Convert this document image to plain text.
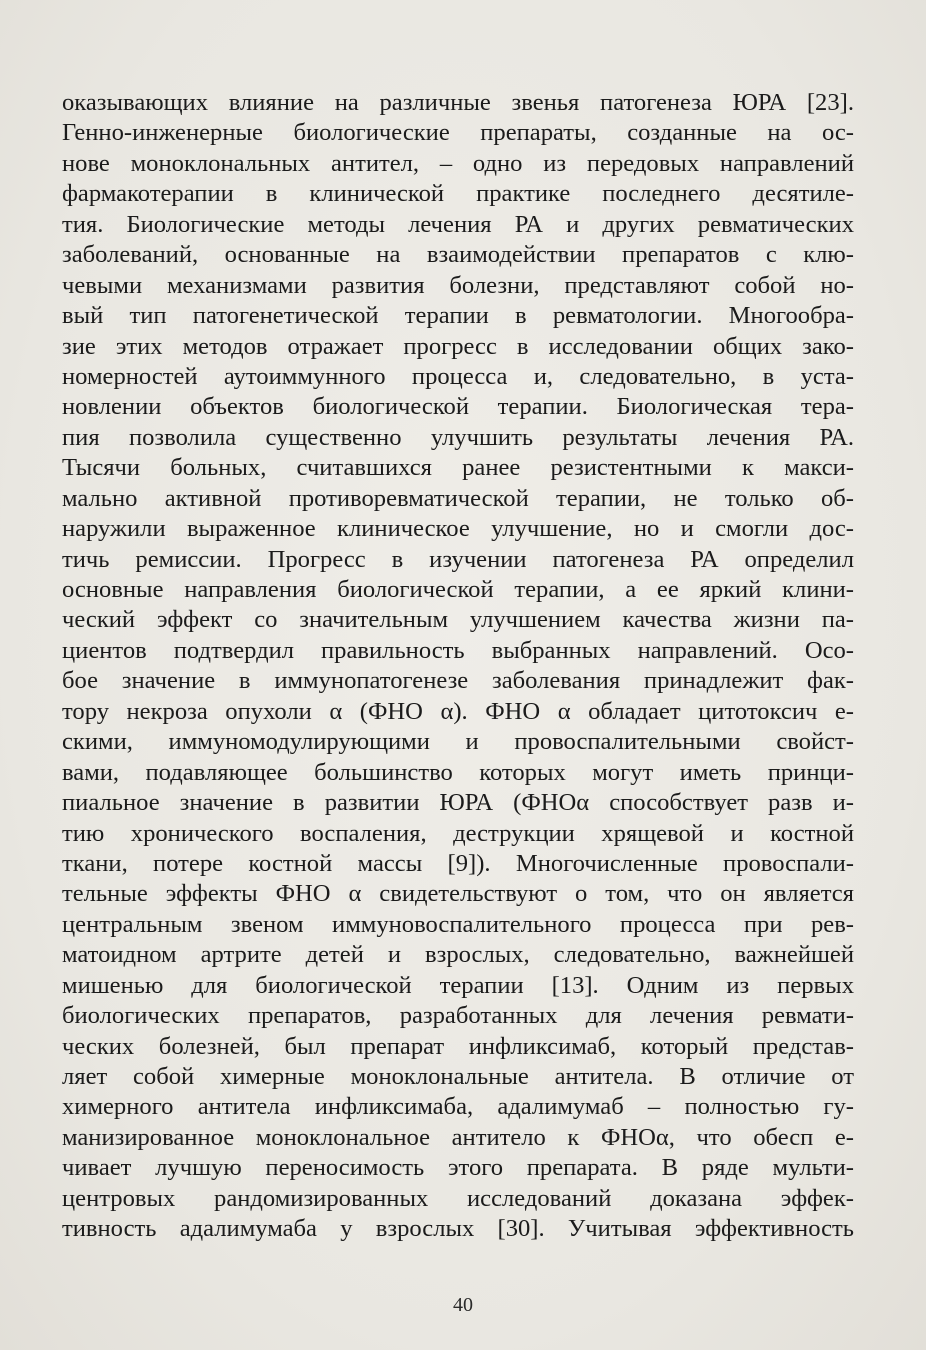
оказывающих влияние на различные звенья патогенеза ЮРА [23].
Генно-инженерные биологические препараты, созданные на ос-
нове моноклональных антител, – одно из передовых направлений
фармакотерапии в клинической практике последнего десятиле-
тия. Биологические методы лечения РА и других ревматических
заболеваний, основанные на взаимодействии препаратов с клю-
чевыми механизмами развития болезни, представляют собой но-
вый тип патогенетической терапии в ревматологии. Многообра-
зие этих методов отражает прогресс в исследовании общих зако-
номерностей аутоиммунного процесса и, следовательно, в уста-
новлении объектов биологической терапии. Биологическая тера-
пия позволила существенно улучшить результаты лечения РА.
Тысячи больных, считавшихся ранее резистентными к макси-
мально активной противоревматической терапии, не только об-
наружили выраженное клиническое улучшение, но и смогли дос-
тичь ремиссии. Прогресс в изучении патогенеза РА определил
основные направления биологической терапии, а ее яркий клини-
ческий эффект со значительным улучшением качества жизни па-
циентов подтвердил правильность выбранных направлений. Осо-
бое значение в иммунопатогенезе заболевания принадлежит фак-
тору некроза опухоли α (ФНО α). ФНО α обладает цитотоксич е-
скими, иммуномодулирующими и провоспалительными свойст-
вами, подавляющее большинство которых могут иметь принци-
пиальное значение в развитии ЮРА (ФНОα способствует разв и-
тию хронического воспаления, деструкции хрящевой и костной
ткани, потере костной массы [9]). Многочисленные провоспали-
тельные эффекты ФНО α свидетельствуют о том, что он является
центральным звеном иммуновоспалительного процесса при рев-
матоидном артрите детей и взрослых, следовательно, важнейшей
мишенью для биологической терапии [13]. Одним из первых
биологических препаратов, разработанных для лечения ревмати-
ческих болезней, был препарат инфликсимаб, который представ-
ляет собой химерные моноклональные антитела. В отличие от
химерного антитела инфликсимаба, адалимумаб – полностью гу-
манизированное моноклональное антитело к ФНОα, что обесп е-
чивает лучшую переносимость этого препарата. В ряде мульти-
центровых рандомизированных исследований доказана эффек-
тивность адалимумаба у взрослых [30]. Учитывая эффективность
40
